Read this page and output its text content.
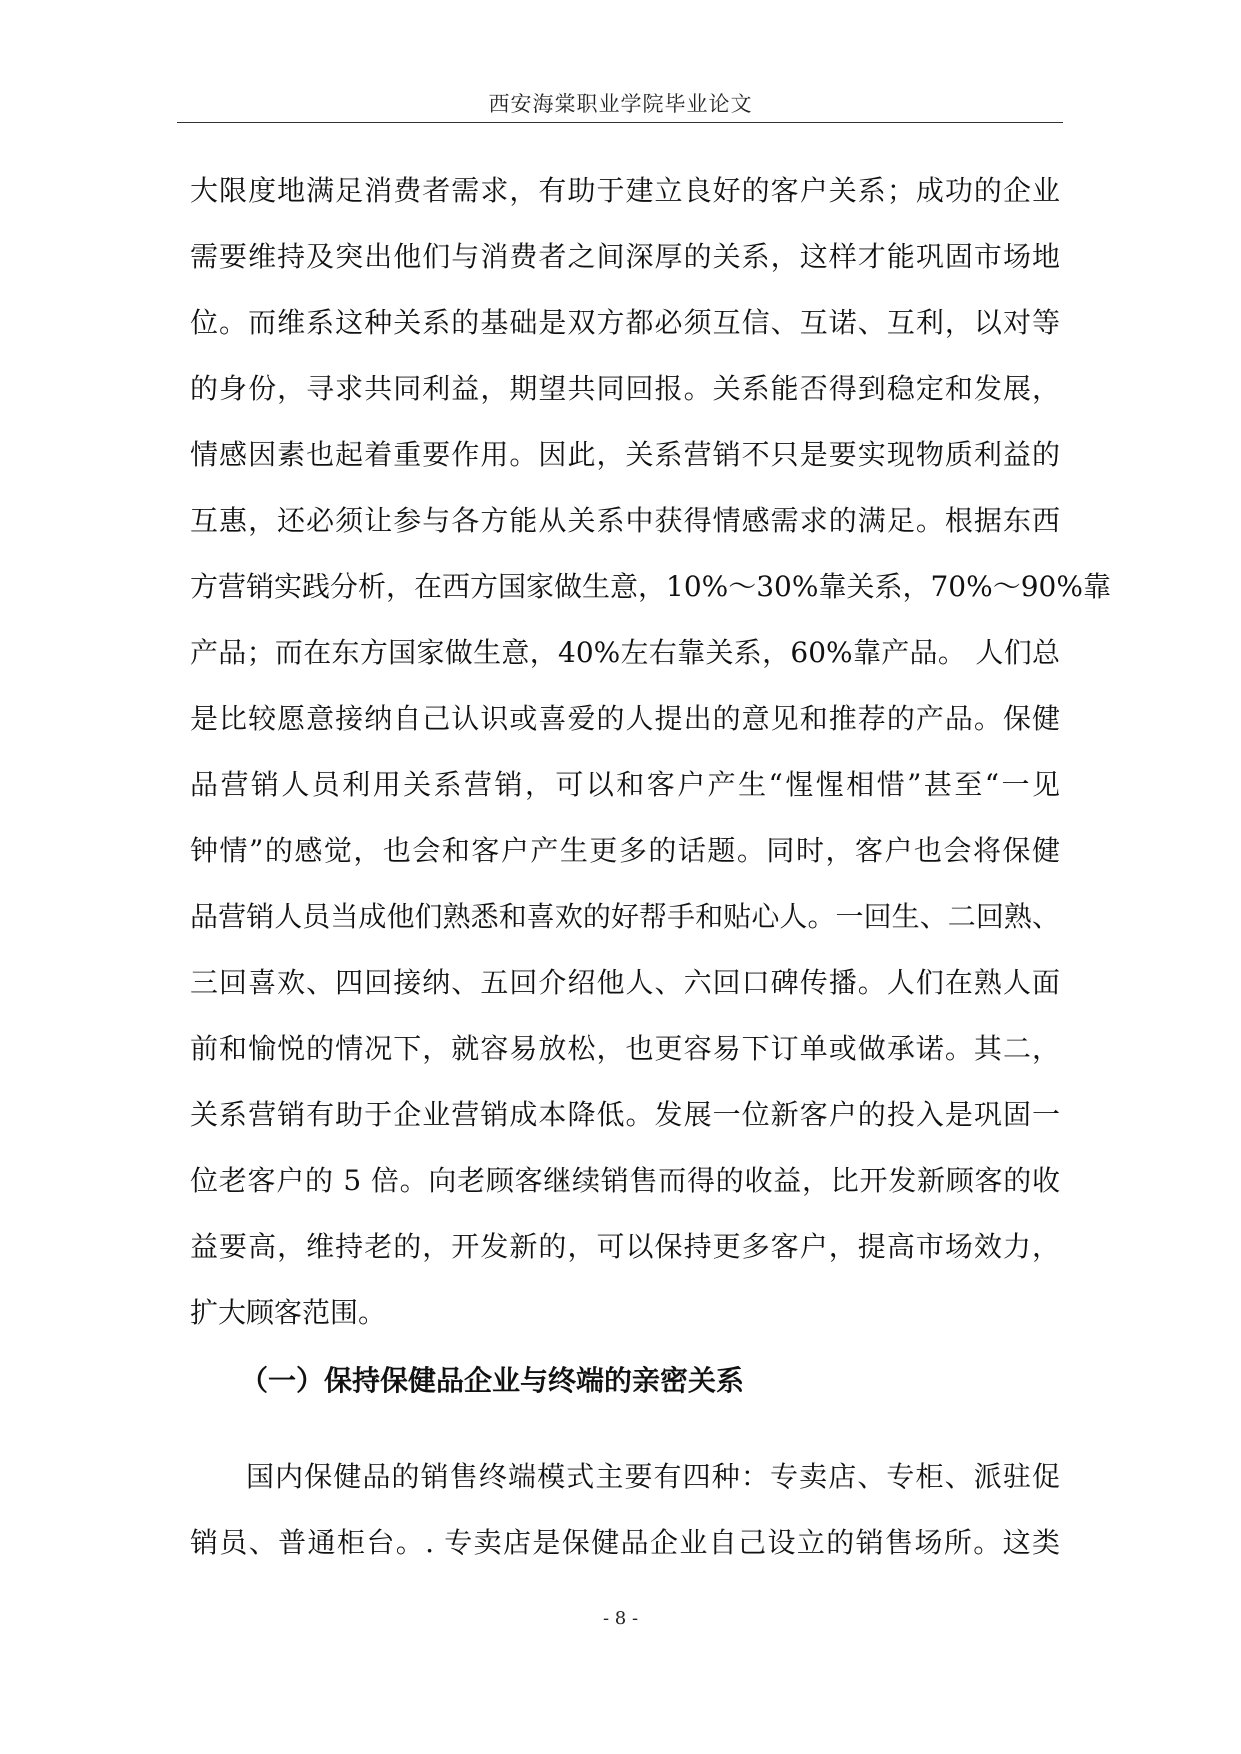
西安海棠职业学院毕业论文
大限度地满足消费者需求，有助于建立良好的客户关系；成功的企业
需要维持及突出他们与消费者之间深厚的关系，这样才能巩固市场地
位。而维系这种关系的基础是双方都必须互信、互诺、互利，以对等
的身份，寻求共同利益，期望共同回报。关系能否得到稳定和发展，
情感因素也起着重要作用。因此，关系营销不只是要实现物质利益的
互惠，还必须让参与各方能从关系中获得情感需求的满足。根据东西
方营销实践分析，在西方国家做生意，10%～30%靠关系，70%～90%靠
产品；而在东方国家做生意，40%左右靠关系，60%靠产品。 人们总
是比较愿意接纳自己认识或喜爱的人提出的意见和推荐的产品。保健
品营销人员利用关系营销，可以和客户产生“惺惺相惜”甚至“一见
钟情”的感觉，也会和客户产生更多的话题。同时，客户也会将保健
品营销人员当成他们熟悉和喜欢的好帮手和贴心人。一回生、二回熟、
三回喜欢、四回接纳、五回介绍他人、六回口碑传播。人们在熟人面
前和愉悦的情况下，就容易放松，也更容易下订单或做承诺。其二，
关系营销有助于企业营销成本降低。发展一位新客户的投入是巩固一
位老客户的 5 倍。向老顾客继续销售而得的收益，比开发新顾客的收
益要高，维持老的，开发新的，可以保持更多客户，提高市场效力，
扩大顾客范围。
（一）保持保健品企业与终端的亲密关系
国内保健品的销售终端模式主要有四种：专卖店、专柜、派驻促
销员、普通柜台。. 专卖店是保健品企业自己设立的销售场所。这类
- 8 -
